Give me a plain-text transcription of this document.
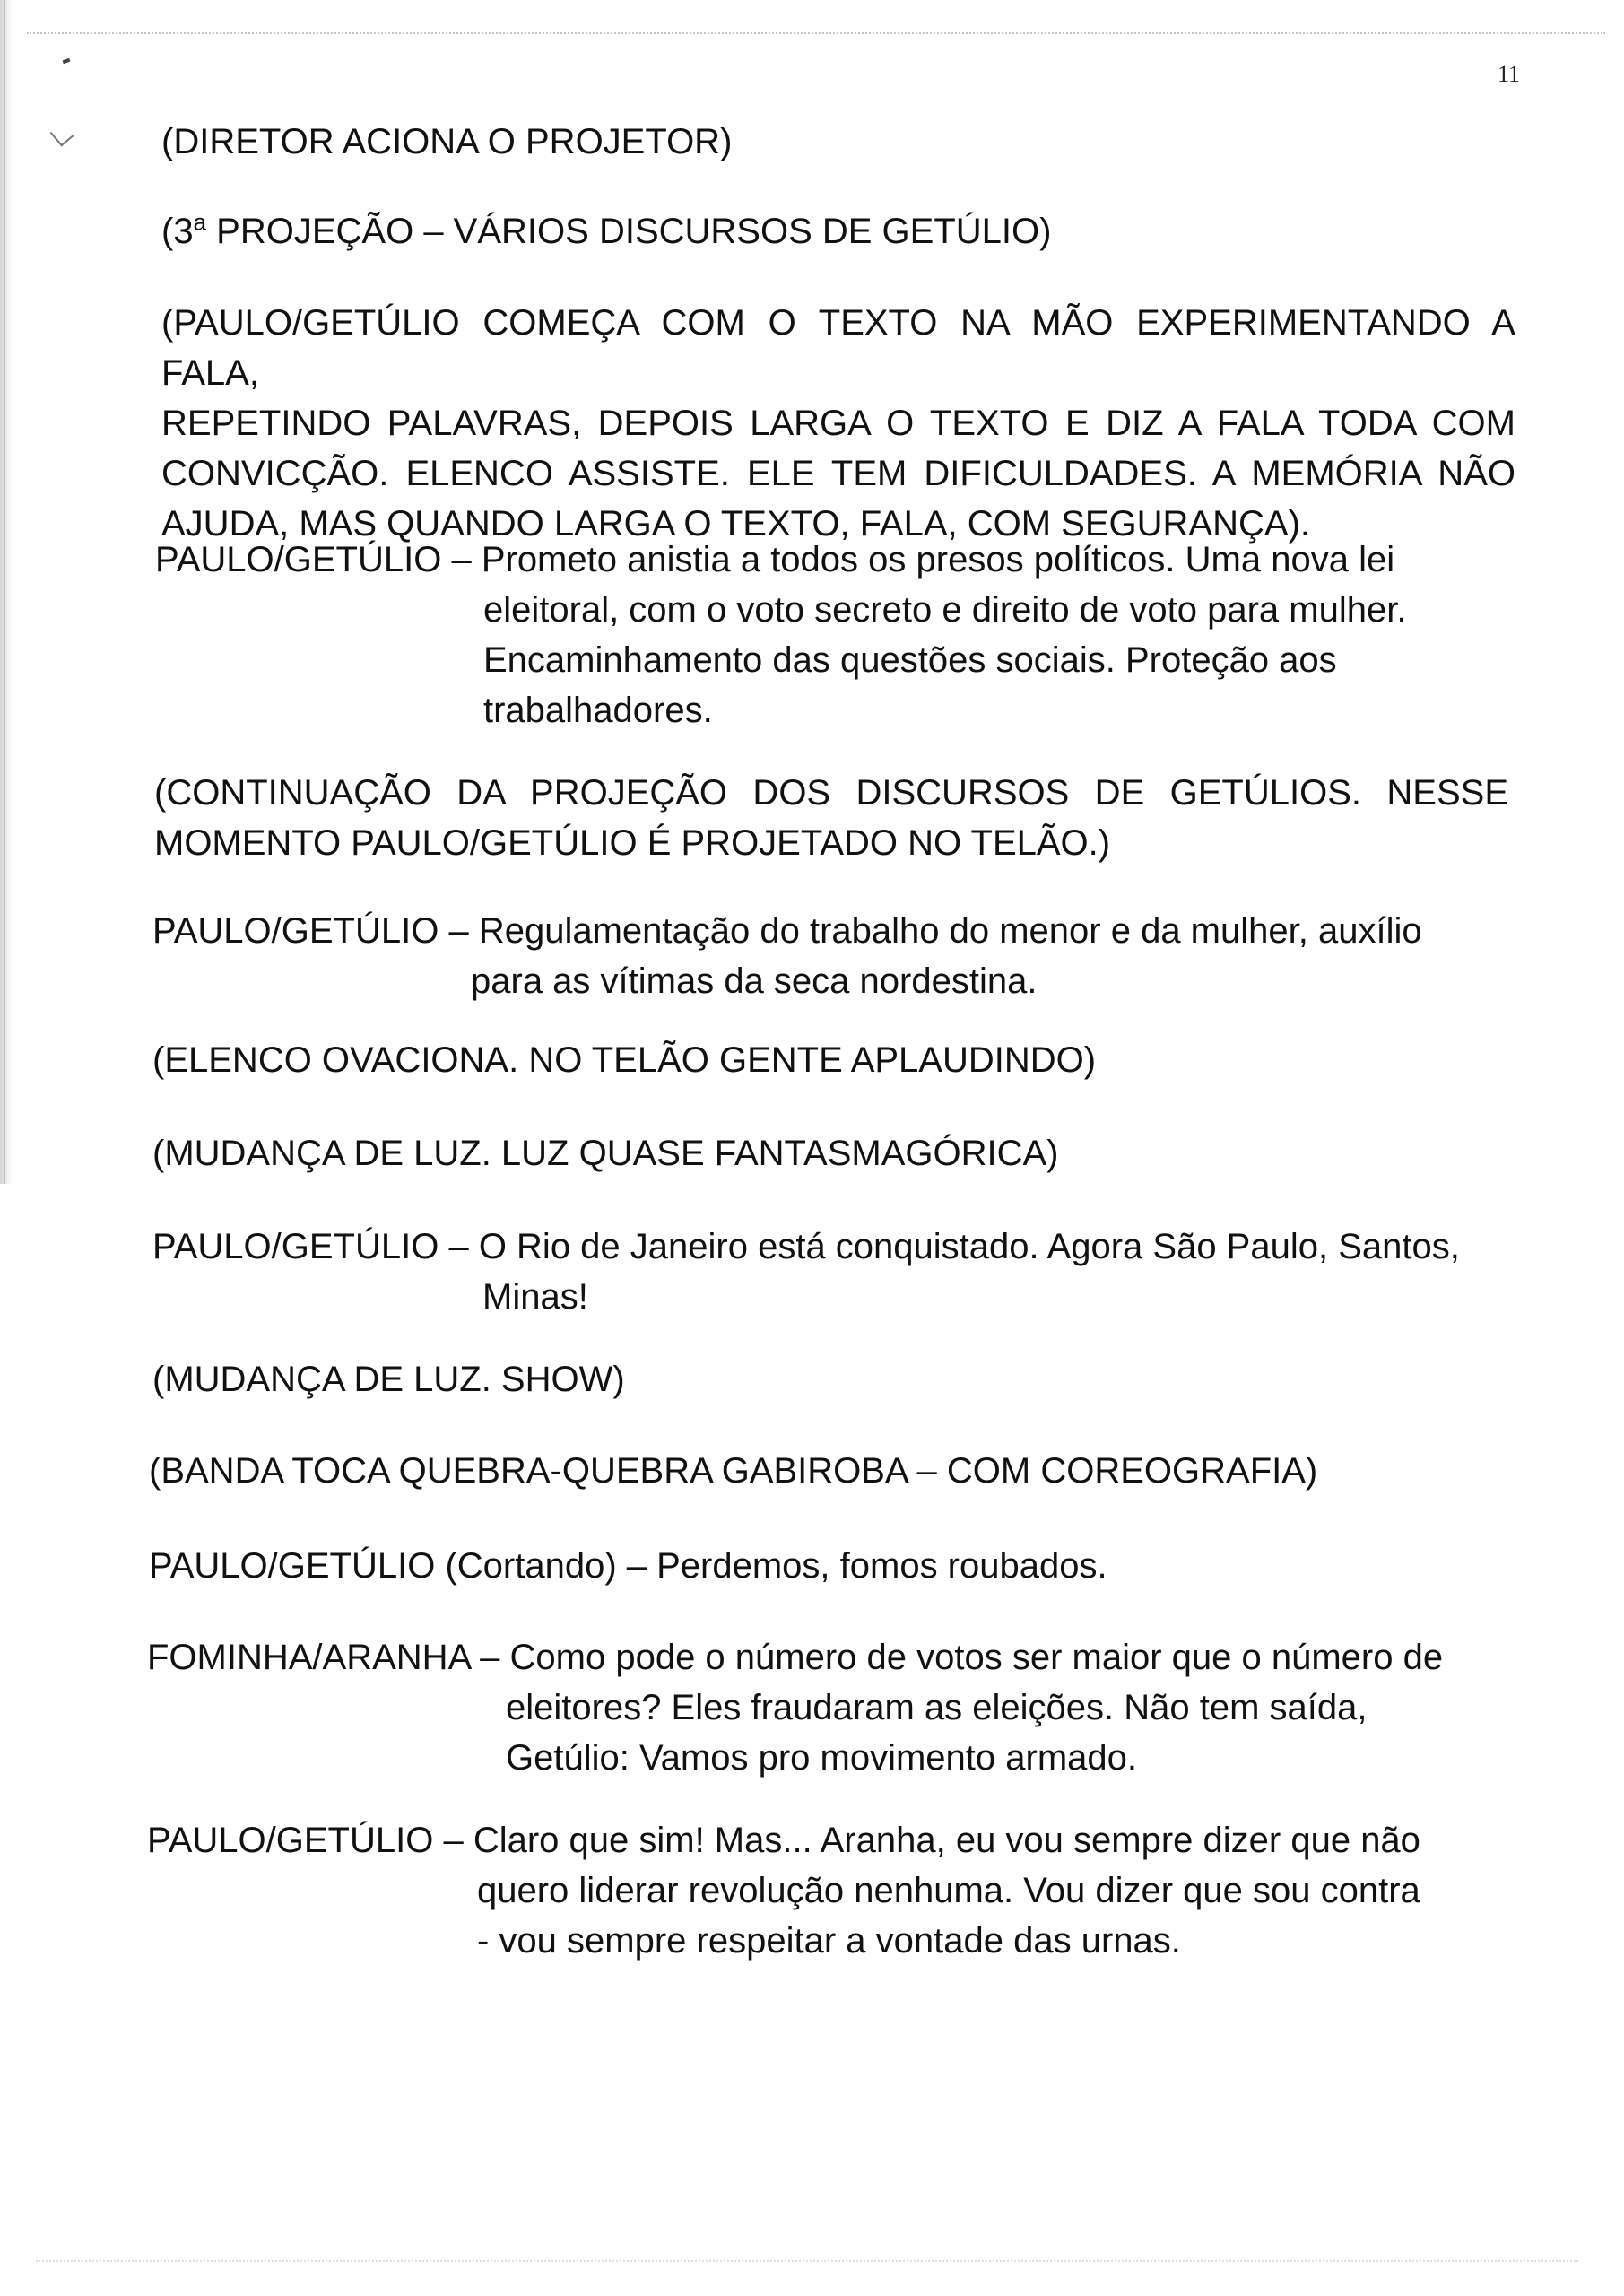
11

(DIRETOR ACIONA O PROJETOR)

(3$^a$ PROJEÇÃO – VÁRIOS DISCURSOS DE GETÚLIO)

(PAULO/GETÚLIO COMEÇA COM O TEXTO NA MÃO EXPERIMENTANDO A FALA,
REPETINDO PALAVRAS, DEPOIS LARGA O TEXTO E DIZ A FALA TODA COM
CONVICÇÃO. ELENCO ASSISTE. ELE TEM DIFICULDADES. A MEMÓRIA NÃO
AJUDA, MAS QUANDO LARGA O TEXTO, FALA, COM SEGURANÇA).
PAULO/GETÚLIO – Prometo anistia a todos os presos políticos. Uma nova lei
eleitoral, com o voto secreto e direito de voto para mulher.
Encaminhamento das questões sociais. Proteção aos
trabalhadores.
(CONTINUAÇÃO DA PROJEÇÃO DOS DISCURSOS DE GETÚLIOS. NESSE
MOMENTO PAULO/GETÚLIO É PROJETADO NO TELÃO.)
PAULO/GETÚLIO – Regulamentação do trabalho do menor e da mulher, auxílio
para as vítimas da seca nordestina.

(ELENCO OVACIONA. NO TELÃO GENTE APLAUDINDO)

(MUDANÇA DE LUZ. LUZ QUASE FANTASMAGÓRICA)

PAULO/GETÚLIO – O Rio de Janeiro está conquistado. Agora São Paulo, Santos,
Minas!

(MUDANÇA DE LUZ. SHOW)

(BANDA TOCA QUEBRA-QUEBRA GABIROBA – COM COREOGRAFIA)

PAULO/GETÚLIO (Cortando) – Perdemos, fomos roubados.

FOMINHA/ARANHA – Como pode o número de votos ser maior que o número de
eleitores? Eles fraudaram as eleições. Não tem saída,
Getúlio: Vamos pro movimento armado.
PAULO/GETÚLIO – Claro que sim! Mas... Aranha, eu vou sempre dizer que não
quero liderar revolução nenhuma. Vou dizer que sou contra
- vou sempre respeitar a vontade das urnas.
